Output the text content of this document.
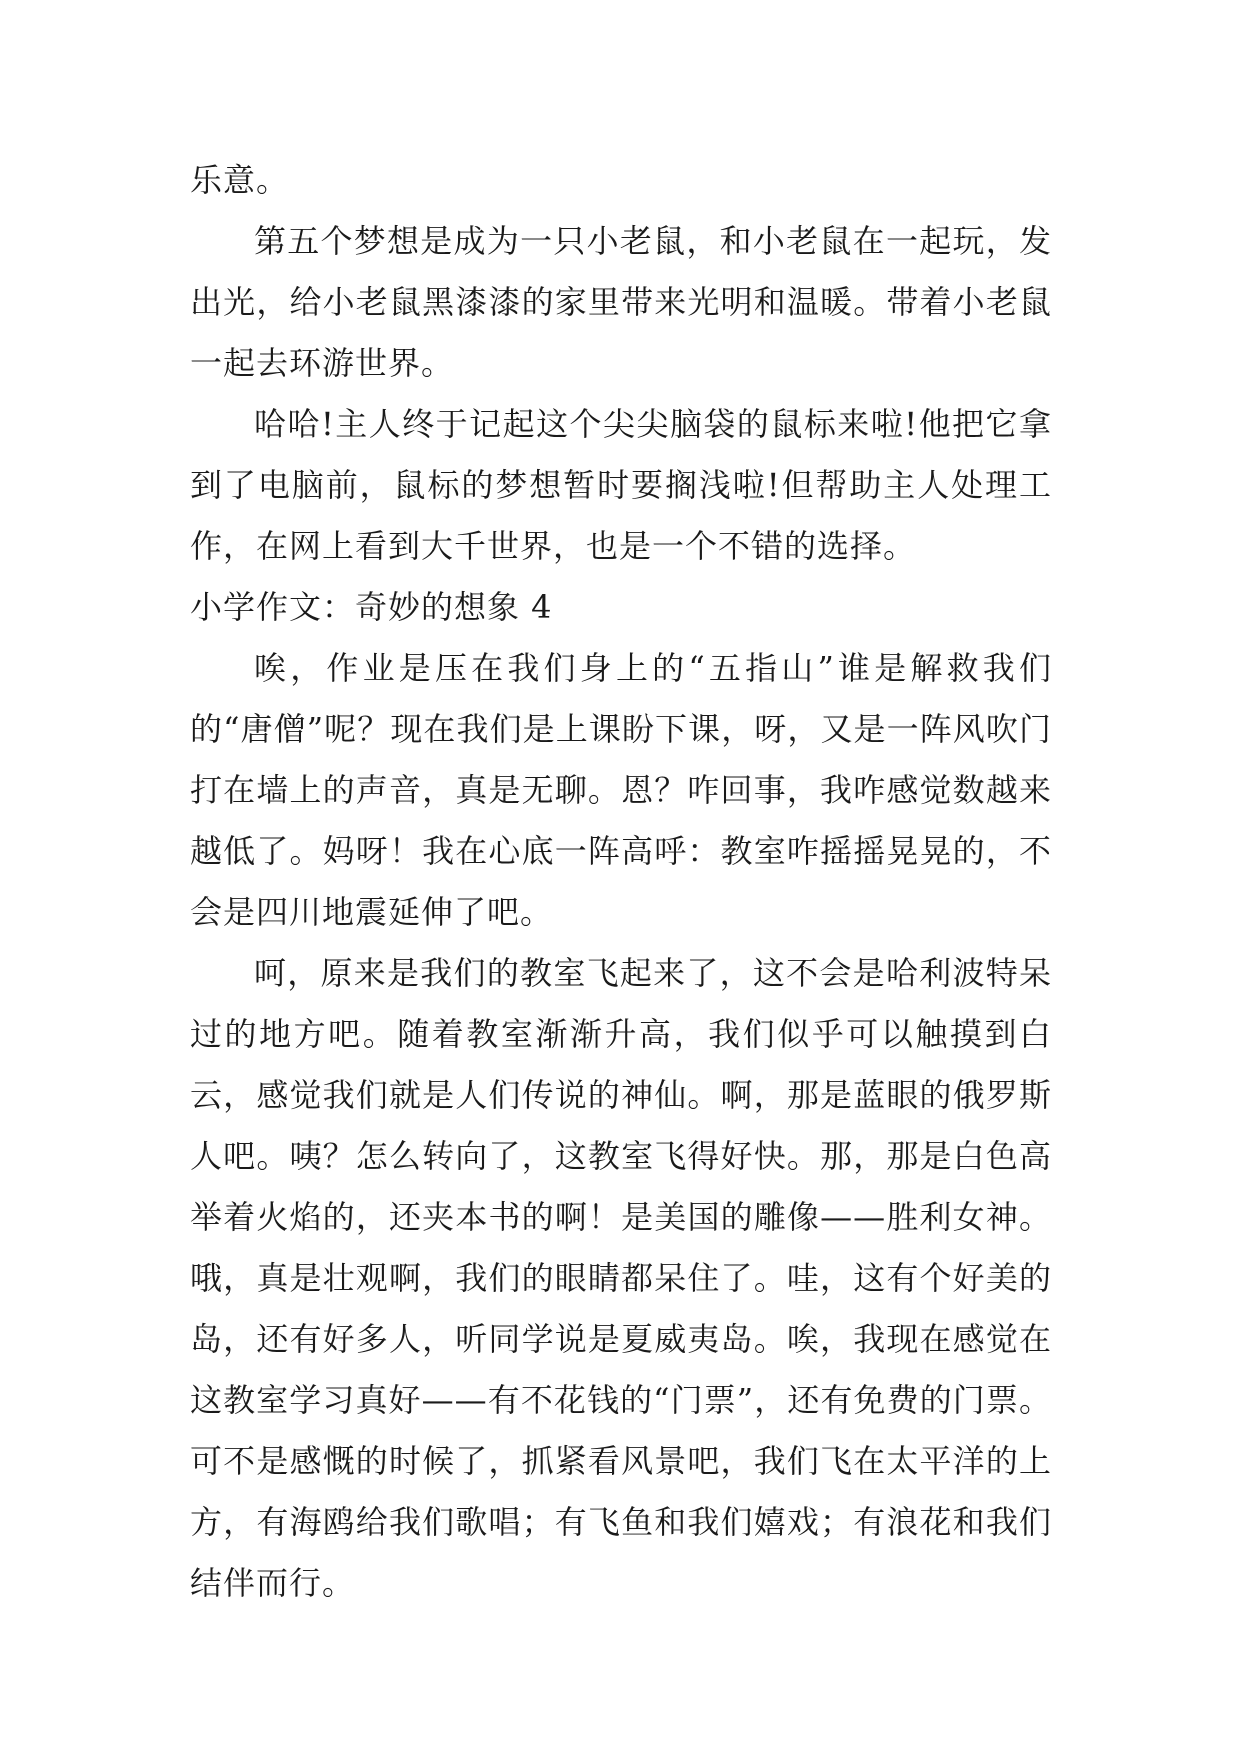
乐意。

第五个梦想是成为一只小老鼠，和小老鼠在一起玩，发出光，给小老鼠黑漆漆的家里带来光明和温暖。带着小老鼠一起去环游世界。

哈哈!主人终于记起这个尖尖脑袋的鼠标来啦!他把它拿到了电脑前，鼠标的梦想暂时要搁浅啦!但帮助主人处理工作，在网上看到大千世界，也是一个不错的选择。

小学作文：奇妙的想象 4

唉，作业是压在我们身上的“五指山”谁是解救我们的“唐僧”呢？现在我们是上课盼下课，呀，又是一阵风吹门打在墙上的声音，真是无聊。恩？咋回事，我咋感觉数越来越低了。妈呀！我在心底一阵高呼：教室咋摇摇晃晃的，不会是四川地震延伸了吧。

呵，原来是我们的教室飞起来了，这不会是哈利波特呆过的地方吧。随着教室渐渐升高，我们似乎可以触摸到白云，感觉我们就是人们传说的神仙。啊，那是蓝眼的俄罗斯人吧。咦？怎么转向了，这教室飞得好快。那，那是白色高举着火焰的，还夹本书的啊！是美国的雕像——胜利女神。哦，真是壮观啊，我们的眼睛都呆住了。哇，这有个好美的岛，还有好多人，听同学说是夏威夷岛。唉，我现在感觉在这教室学习真好——有不花钱的“门票”，还有免费的门票。可不是感慨的时候了，抓紧看风景吧，我们飞在太平洋的上方，有海鸥给我们歌唱；有飞鱼和我们嬉戏；有浪花和我们结伴而行。
